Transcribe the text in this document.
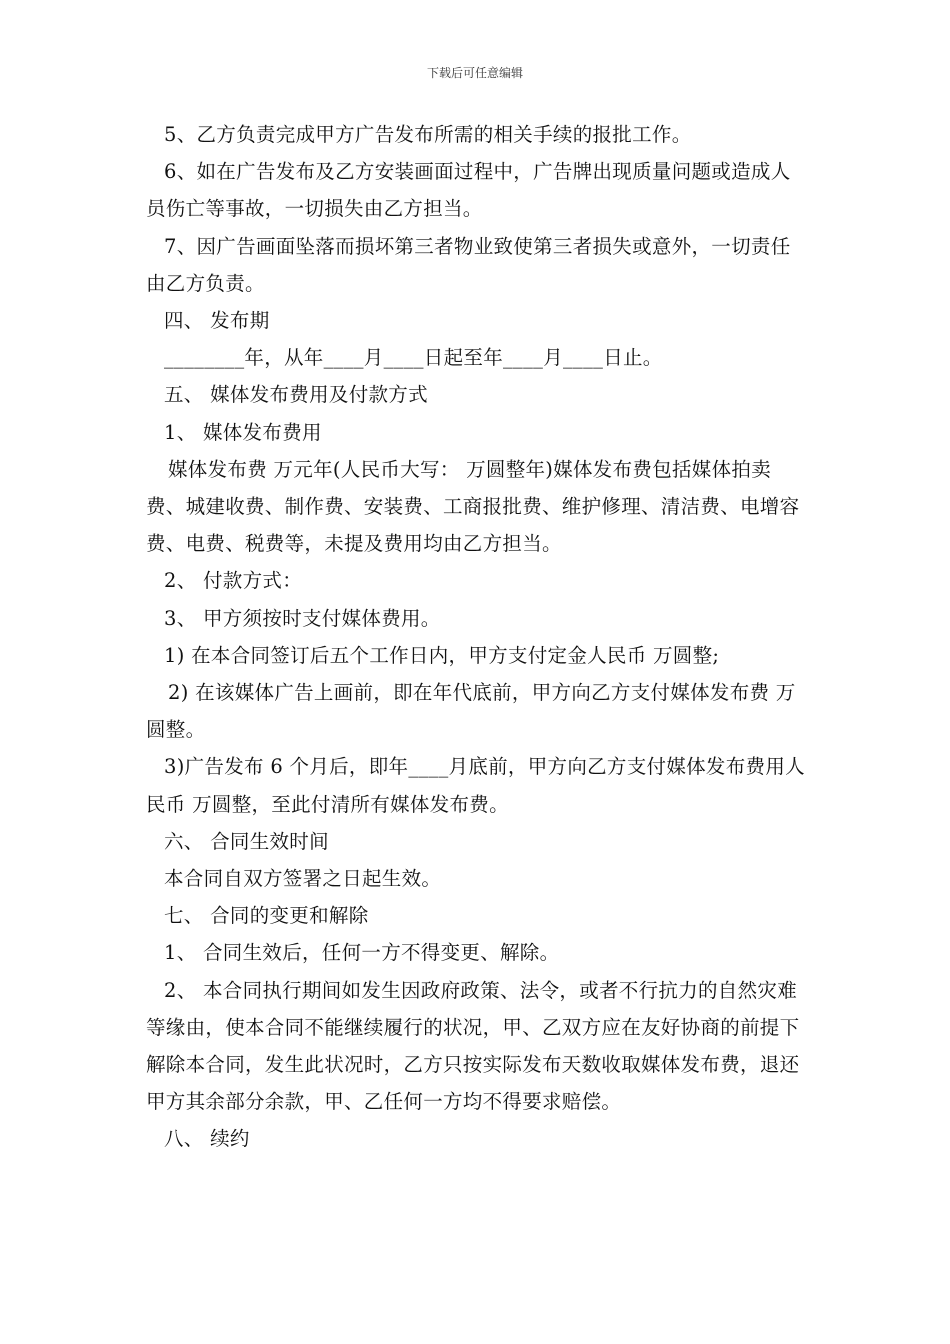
下载后可任意编辑

5、乙方负责完成甲方广告发布所需的相关手续的报批工作。

6、如在广告发布及乙方安装画面过程中，广告牌出现质量问题或造成人员伤亡等事故，一切损失由乙方担当。

7、因广告画面坠落而损坏第三者物业致使第三者损失或意外，一切责任由乙方负责。

四、 发布期

________年，从年____月____日起至年____月____日止。

五、 媒体发布费用及付款方式

1、 媒体发布费用

媒体发布费 万元年(人民币大写： 万圆整年)媒体发布费包括媒体拍卖费、城建收费、制作费、安装费、工商报批费、维护修理、清洁费、电增容费、电费、税费等，未提及费用均由乙方担当。

2、 付款方式：

3、 甲方须按时支付媒体费用。

1) 在本合同签订后五个工作日内，甲方支付定金人民币 万圆整;

2) 在该媒体广告上画前，即在年代底前，甲方向乙方支付媒体发布费 万圆整。

3)广告发布 6 个月后，即年____月底前，甲方向乙方支付媒体发布费用人民币 万圆整，至此付清所有媒体发布费。

六、 合同生效时间

本合同自双方签署之日起生效。

七、 合同的变更和解除

1、 合同生效后，任何一方不得变更、解除。

2、 本合同执行期间如发生因政府政策、法令，或者不行抗力的自然灾难等缘由，使本合同不能继续履行的状况，甲、乙双方应在友好协商的前提下解除本合同，发生此状况时，乙方只按实际发布天数收取媒体发布费，退还甲方其余部分余款，甲、乙任何一方均不得要求赔偿。

八、 续约
